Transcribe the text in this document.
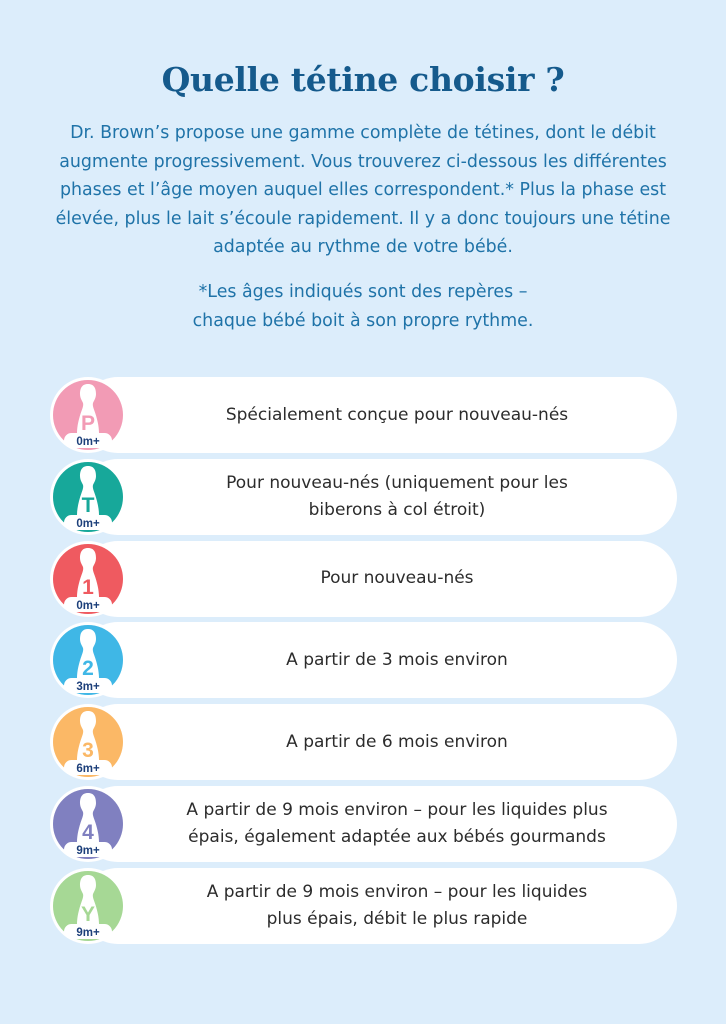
Quelle tétine choisir ?

Dr. Brown’s propose une gamme complète de tétines, dont le débit augmente progressivement. Vous trouverez ci-dessous les différentes phases et l’âge moyen auquel elles correspondent.* Plus la phase est élevée, plus le lait s’écoule rapidement. Il y a donc toujours une tétine adaptée au rythme de votre bébé.

*Les âges indiqués sont des repères –
chaque bébé boit à son propre rythme.

Spécialement conçue pour nouveau-nés
P
0m+
Pour nouveau-nés (uniquement pour les
biberons à col étroit)
T
0m+
Pour nouveau-nés
1
0m+
A partir de 3 mois environ
2
3m+
A partir de 6 mois environ
3
6m+
A partir de 9 mois environ – pour les liquides plus
épais, également adaptée aux bébés gourmands
4
9m+
A partir de 9 mois environ – pour les liquides
plus épais, débit le plus rapide
Y
9m+
